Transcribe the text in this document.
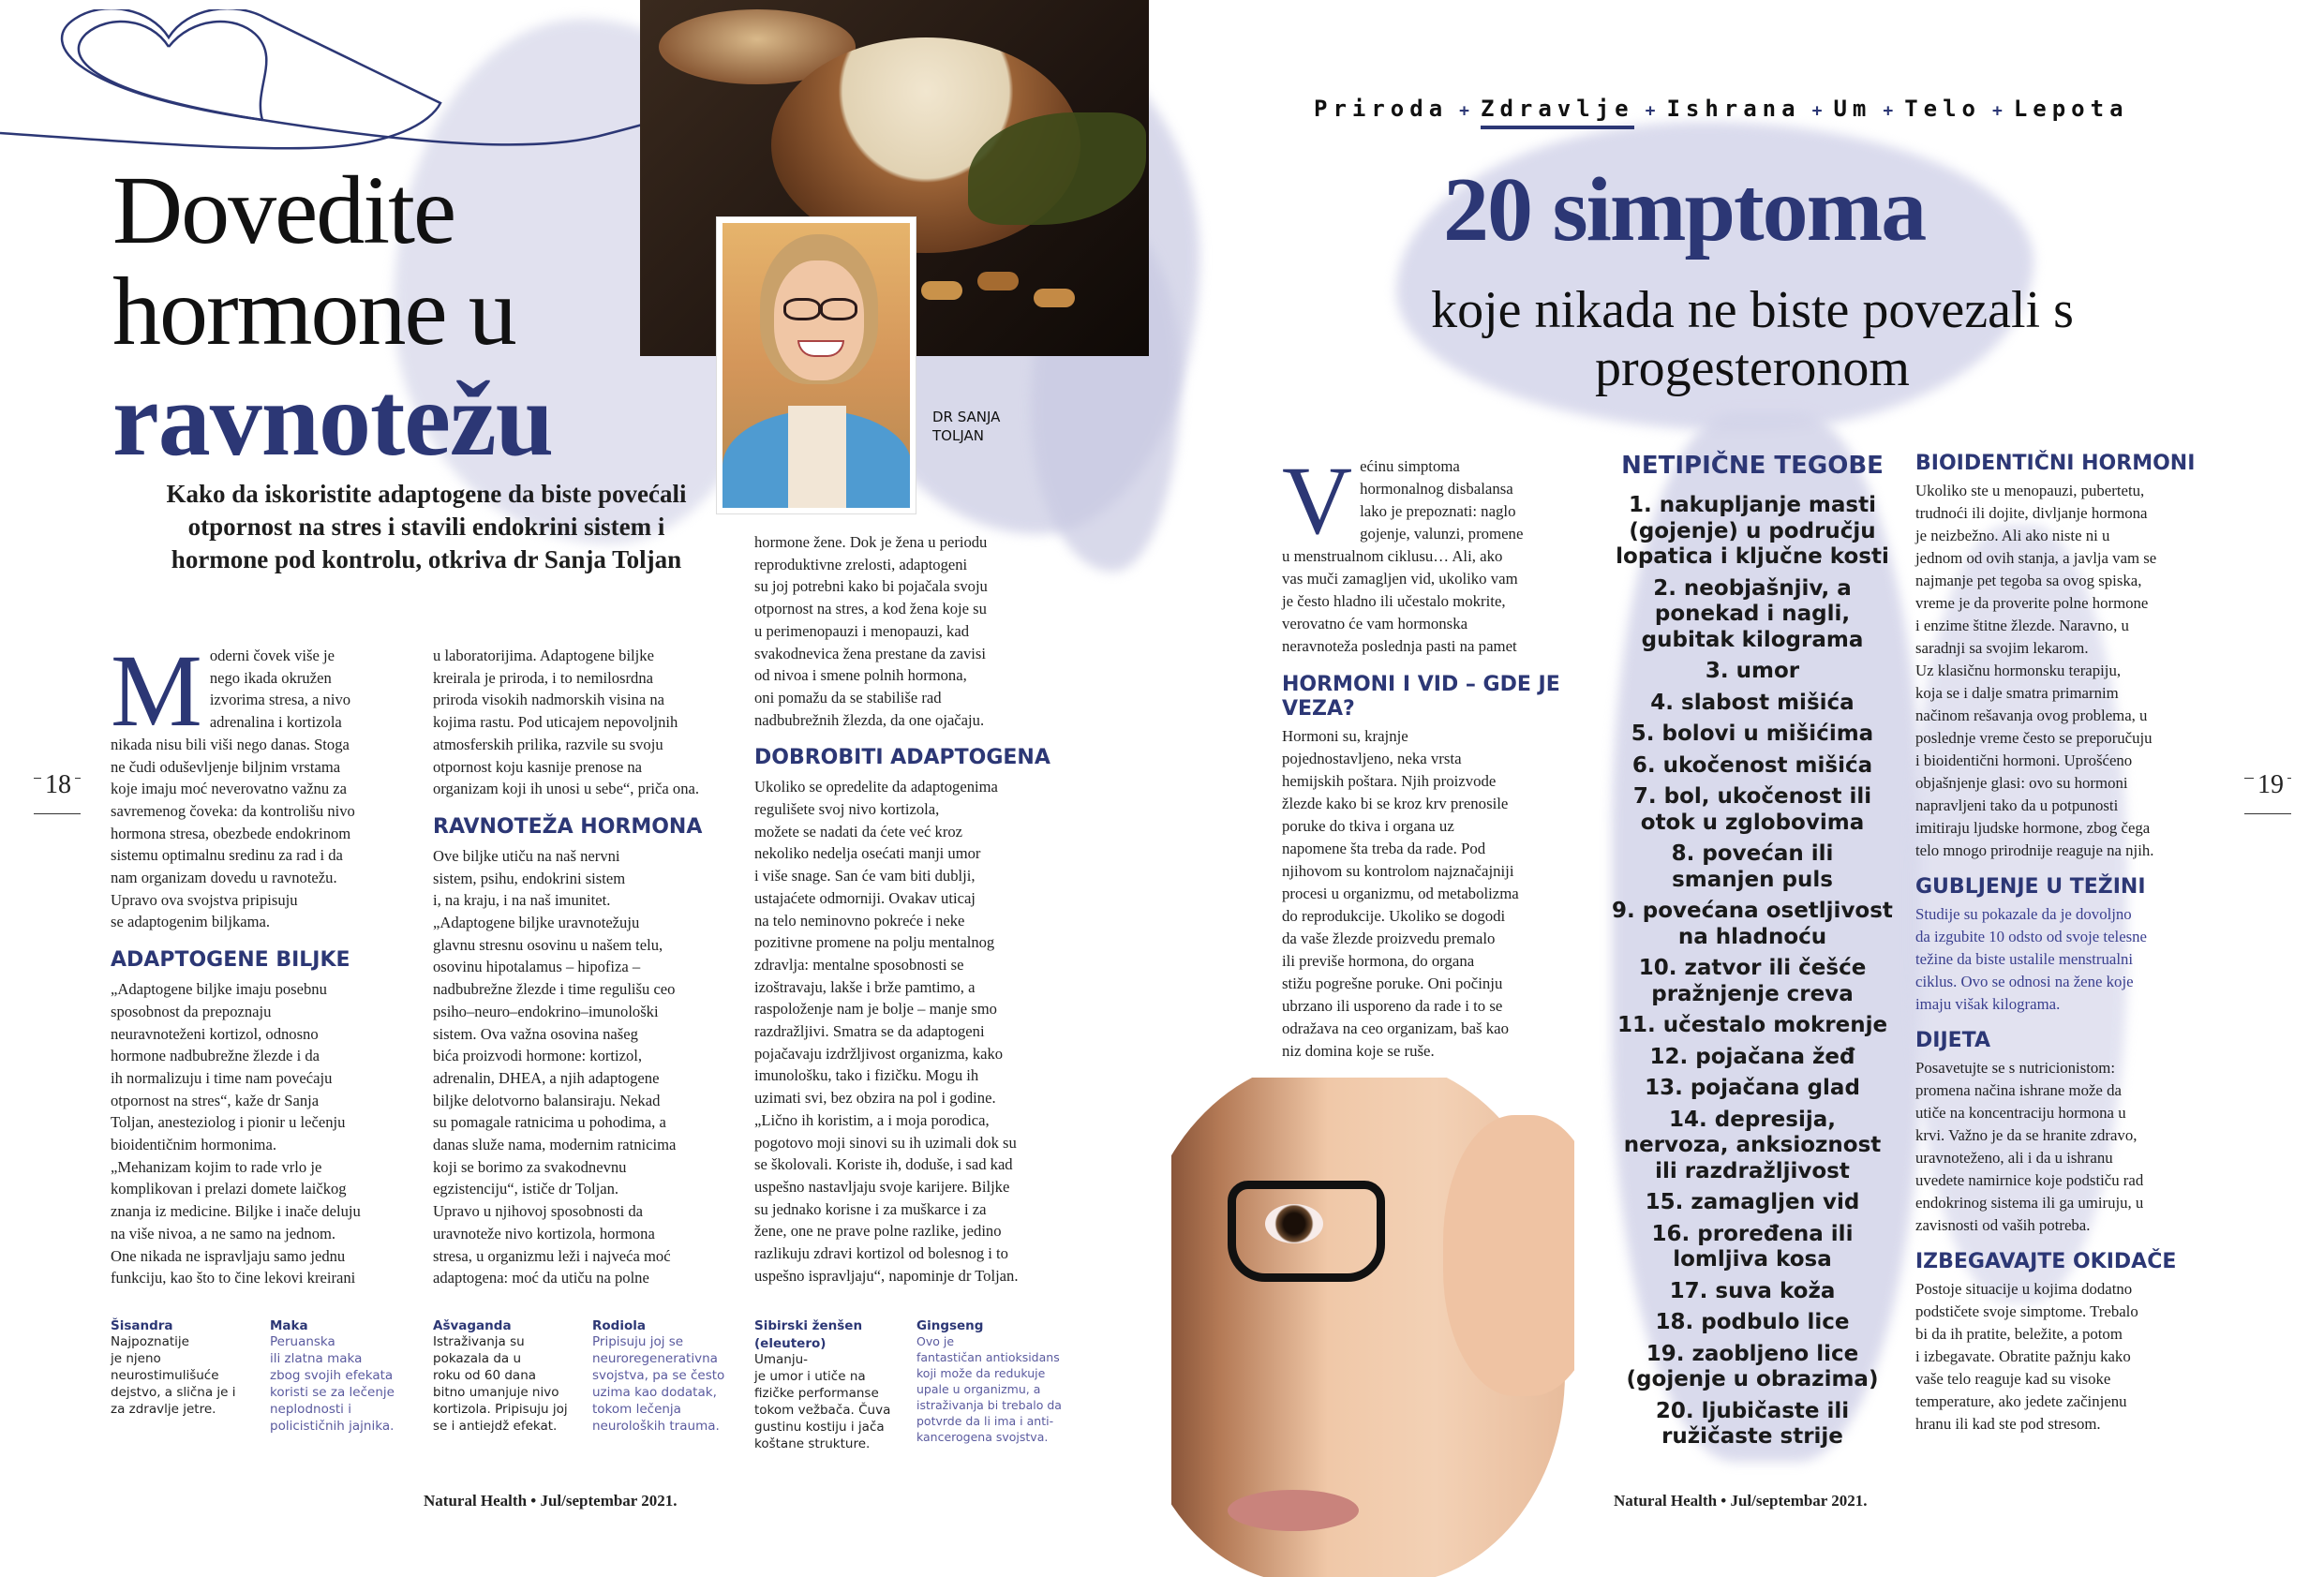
DR SANJA
TOLJAN
Dovedite
hormone u
ravnotežu
Kako da iskoristite adaptogene da biste povećali otpornost na stres i stavili endokrini sistem i hormone pod kontrolu, otkriva dr Sanja Toljan
M oderni čovek više je
nego ikada okružen
izvorima stresa, a nivo
adrenalina i kortizola
nikada nisu bili viši nego danas. Stoga
ne čudi oduševljenje biljnim vrstama
koje imaju moć neverovatno važnu za
savremenog čoveka: da kontrolišu nivo
hormona stresa, obezbede endokrinom
sistemu optimalnu sredinu za rad i da
nam organizam dovedu u ravnotežu.
Upravo ova svojstva pripisuju
se adaptogenim biljkama.

ADAPTOGENE BILJKE

„Adaptogene biljke imaju posebnu
sposobnost da prepoznaju
neuravnoteženi kortizol, odnosno
hormone nadbubrežne žlezde i da
ih normalizuju i time nam povećaju
otpornost na stres“, kaže dr Sanja
Toljan, anesteziolog i pionir u lečenju
bioidentičnim hormonima.
„Mehanizam kojim to rade vrlo je
komplikovan i prelazi domete laičkog
znanja iz medicine. Biljke i inače deluju
na više nivoa, a ne samo na jednom.
One nikada ne ispravljaju samo jednu
funkciju, kao što to čine lekovi kreirani

u laboratorijima. Adaptogene biljke
kreirala je priroda, i to nemilosrdna
priroda visokih nadmorskih visina na
kojima rastu. Pod uticajem nepovoljnih
atmosferskih prilika, razvile su svoju
otpornost koju kasnije prenose na
organizam koji ih unosi u sebe“, priča ona.

RAVNOTEŽA HORMONA

Ove biljke utiču na naš nervni
sistem, psihu, endokrini sistem
i, na kraju, i na naš imunitet.
„Adaptogene biljke uravnotežuju
glavnu stresnu osovinu u našem telu,
osovinu hipotalamus – hipofiza –
nadbubrežne žlezde i time regulišu ceo
psiho–neuro–endokrino–imunološki
sistem. Ova važna osovina našeg
bića proizvodi hormone: kortizol,
adrenalin, DHEA, a njih adaptogene
biljke delotvorno balansiraju. Nekad
su pomagale ratnicima u pohodima, a
danas služe nama, modernim ratnicima
koji se borimo za svakodnevnu
egzistenciju“, ističe dr Toljan.
Upravo u njihovoj sposobnosti da
uravnoteže nivo kortizola, hormona
stresa, u organizmu leži i najveća moć
adaptogena: moć da utiču na polne

hormone žene. Dok je žena u periodu
reproduktivne zrelosti, adaptogeni
su joj potrebni kako bi pojačala svoju
otpornost na stres, a kod žena koje su
u perimenopauzi i menopauzi, kad
svakodnevica žena prestane da zavisi
od nivoa i smene polnih hormona,
oni pomažu da se stabiliše rad
nadbubrežnih žlezda, da one ojačaju.

DOBROBITI ADAPTOGENA

Ukoliko se opredelite da adaptogenima
regulišete svoj nivo kortizola,
možete se nadati da ćete već kroz
nekoliko nedelja osećati manji umor
i više snage. San će vam biti dublji,
ustajaćete odmorniji. Ovakav uticaj
na telo neminovno pokreće i neke
pozitivne promene na polju mentalnog
zdravlja: mentalne sposobnosti se
izoštravaju, lakše i brže pamtimo, a
raspoloženje nam je bolje – manje smo
razdražljivi. Smatra se da adaptogeni
pojačavaju izdržljivost organizma, kako
imunološku, tako i fizičku. Mogu ih
uzimati svi, bez obzira na pol i godine.
„Lično ih koristim, a i moja porodica,
pogotovo moji sinovi su ih uzimali dok su
se školovali. Koriste ih, doduše, i sad kad
uspešno nastavljaju svoje karijere. Bilјke
su jednako korisne i za muškarce i za
žene, one ne prave polne razlike, jedino
razlikuju zdravi kortizol od bolesnog i to
uspešno ispravljaju“, napominje dr Toljan.

Šisandra
Najpoznatije
je njeno
neurostimulišuće
dejstvo, a slična je i
za zdravlje jetre.
Maka
Peruanska
ili zlatna maka
zbog svojih efekata
koristi se za lečenje
neplodnosti i
policističnih jajnika.
Ašvaganda
Istraživanja su
pokazala da u
roku od 60 dana
bitno umanjuje nivo
kortizola. Pripisuju joj
se i antiejdž efekat.
Rodiola
Pripisuju joj se
neuroregenerativna
svojstva, pa se često
uzima kao dodatak,
tokom lečenja
neuroloških trauma.
Sibirski ženšen
(eleutero)
Umanju-
je umor i utiče na
fizičke performanse
tokom vežbača. Čuva
gustinu kostiju i jača
koštane strukture.
Gingseng
Ovo je
fantastičan antioksidans
koji može da redukuje
upale u organizmu, a
istraživanja bi trebalo da
potvrde da li ima i anti-
kancerogena svojstva.
18
Natural Health • Jul/septembar 2021.
Priroda + Zdravlje + Ishrana + Um + Telo + Lepota
20 simptoma
koje nikada ne biste povezali s progesteronom
V ećinu simptoma
hormonalnog disbalansa
lako je prepoznati: naglo
gojenje, valunzi, promene
u menstrualnom ciklusu… Ali, ako
vas muči zamagljen vid, ukoliko vam
je često hladno ili učestalo mokrite,
verovatno će vam hormonska
neravnoteža poslednja pasti na pamet

HORMONI I VID – GDE JE VEZA?

Hormoni su, krajnje
pojednostavljeno, neka vrsta
hemijskih poštara. Njih proizvode
žlezde kako bi se kroz krv prenosile
poruke do tkiva i organa uz
napomene šta treba da rade. Pod
njihovom su kontrolom najznačajniji
procesi u organizmu, od metabolizma
do reprodukcije. Ukoliko se dogodi
da vaše žlezde proizvedu premalo
ili previše hormona, do organa
stižu pogrešne poruke. Oni počinju
ubrzano ili usporeno da rade i to se
odražava na ceo organizam, baš kao
niz domina koje se ruše.

NETIPIČNE TEGOBE
1. nakupljanje masti
(gojenje) u području
lopatica i ključne kosti
2. neobjašnjiv, a
ponekad i nagli,
gubitak kilograma
3. umor
4. slabost mišića
5. bolovi u mišićima
6. ukočenost mišića
7. bol, ukočenost ili
otok u zglobovima
8. povećan ili
smanjen puls
9. povećana osetljivost
na hladnoću
10. zatvor ili češće
pražnjenje creva
11. učestalo mokrenje
12. pojačana žeđ
13. pojačana glad
14. depresija,
nervoza, anksioznost
ili razdražljivost
15. zamagljen vid
16. proređena ili
lomljiva kosa
17. suva koža
18. podbulo lice
19. zaobljeno lice
(gojenje u obrazima)
20. ljubičaste ili
ružičaste strije
BIOIDENTIČNI HORMONI

Ukoliko ste u menopauzi, pubertetu,
trudnoći ili dojite, divljanje hormona
je neizbežno. Ali ako niste ni u
jednom od ovih stanja, a javlja vam se
najmanje pet tegoba sa ovog spiska,
vreme je da proverite polne hormone
i enzime štitne žlezde. Naravno, u
saradnji sa svojim lekarom.
Uz klasičnu hormonsku terapiju,
koja se i dalje smatra primarnim
načinom rešavanja ovog problema, u
poslednje vreme često se preporučuju
i bioidentični hormoni. Uprošćeno
objašnjenje glasi: ovo su hormoni
napravljeni tako da u potpunosti
imitiraju ljudske hormone, zbog čega
telo mnogo prirodnije reaguje na njih.

GUBLJENJE U TEŽINI

Studije su pokazale da je dovoljno
da izgubite 10 odsto od svoje telesne
težine da biste ustalile menstrualni
ciklus. Ovo se odnosi na žene koje
imaju višak kilograma.

DIJETA

Posavetujte se s nutricionistom:
promena načina ishrane može da
utiče na koncentraciju hormona u
krvi. Važno je da se hranite zdravo,
uravnoteženo, ali i da u ishranu
uvedete namirnice koje podstiču rad
endokrinog sistema ili ga umiruju, u
zavisnosti od vaših potreba.

IZBEGAVAJTE OKIDAČE

Postoje situacije u kojima dodatno
podstičete svoje simptome. Trebalo
bi da ih pratite, beležite, a potom
i izbegavate. Obratite pažnju kako
vaše telo reaguje kad su visoke
temperature, ako jedete začinjenu
hranu ili kad ste pod stresom.

19
Natural Health • Jul/septembar 2021.
